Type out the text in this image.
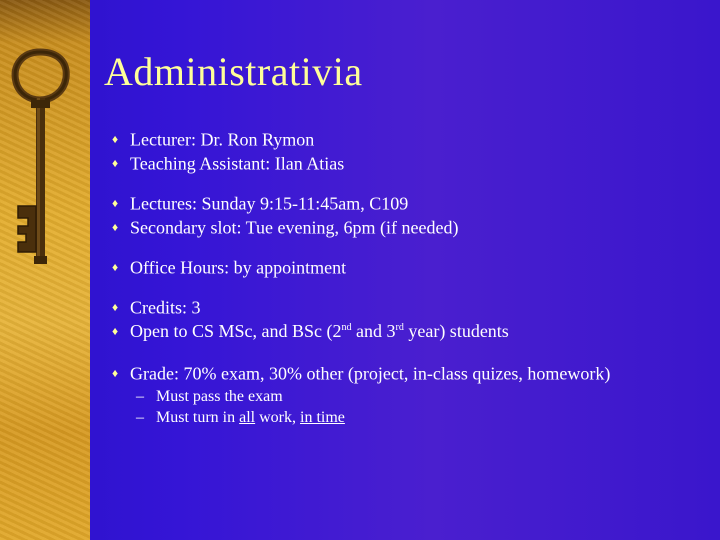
Administrativia
♦ Lecturer: Dr. Ron Rymon
♦ Teaching Assistant: Ilan Atias
♦ Lectures: Sunday 9:15-11:45am, C109
♦ Secondary slot: Tue evening, 6pm (if needed)
♦ Office Hours: by appointment
♦ Credits: 3
♦ Open to CS MSc, and BSc (2nd and 3rd year) students
♦ Grade: 70% exam, 30% other (project, in-class quizes, homework)
– Must pass the exam
– Must turn in all work, in time
